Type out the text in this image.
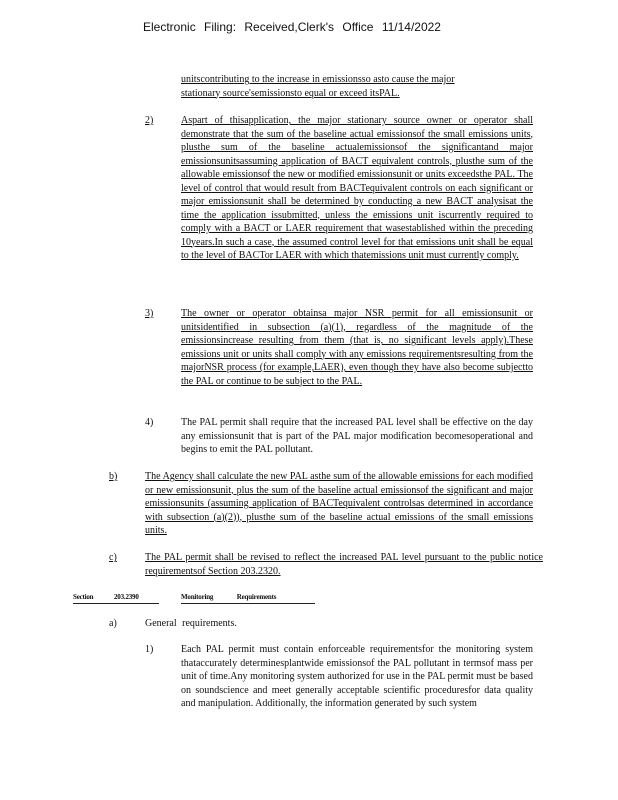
Electronic Filing: Received,Clerk's Office 11/14/2022

unitscontributing to the increase in emissionsso asto cause the major stationary source'semissionsto equal or exceed itsPAL.

2)	Aspart of thisapplication, the major stationary source owner or operator shall demonstrate that the sum of the baseline actual emissionsof the small emissions units, plusthe sum of the baseline actualemissionsof the significantand major emissionsunitsassuming application of BACT equivalent controls, plusthe sum of the allowable emissionsof the new or modified emissionsunit or units exceedsthe PAL. The level of control that would result from BACTequivalent controls on each significant or major emissionsunit shall be determined by conducting a new BACT analysisat the time the application issubmitted, unless the emissions unit iscurrently required to comply with a BACT or LAER requirement that wasestablished within the preceding 10years.In such a case, the assumed control level for that emissions unit shall be equal to the level of BACTor LAER with which thatemissions unit must currently comply.

3)	The owner or operator obtainsa major NSR permit for all emissionsunit or unitsidentified in subsection (a)(1), regardless of the magnitude of the emissionsincrease resulting from them (that is, no significant levels apply).These emissions unit or units shall comply with any emissions requirementsresulting from the majorNSR process (for example,LAER), even though they have also become subjectto the PAL or continue to be subject to the PAL.

4)	The PAL permit shall require that the increased PAL level shall be effective on the day any emissionsunit that is part of the PAL major modification becomesoperational and begins to emit the PAL pollutant.

b)	The Agency shall calculate the new PAL asthe sum of the allowable emissions for each modified or new emissionsunit, plus the sum of the baseline actual emissionsof the significant and major emissionsunits (assuming application of BACTequivalent controlsas determined in accordance with subsection (a)(2)), plusthe sum of the baseline actual emissions of the small emissions units.

c)	The PAL permit shall be revised to reflect the increased PAL level pursuant to the public notice requirementsof Section 203.2320.

Section	203.2390	Monitoring Requirements
a)	General requirements.

1)	Each PAL permit must contain enforceable requirementsfor the monitoring system thataccurately determinesplantwide emissionsof the PAL pollutant in termsof mass per unit of time.Any monitoring system authorized for use in the PAL permit must be based on soundscience and meet generally acceptable scientific proceduresfor data quality and manipulation. Additionally, the information generated by such system
